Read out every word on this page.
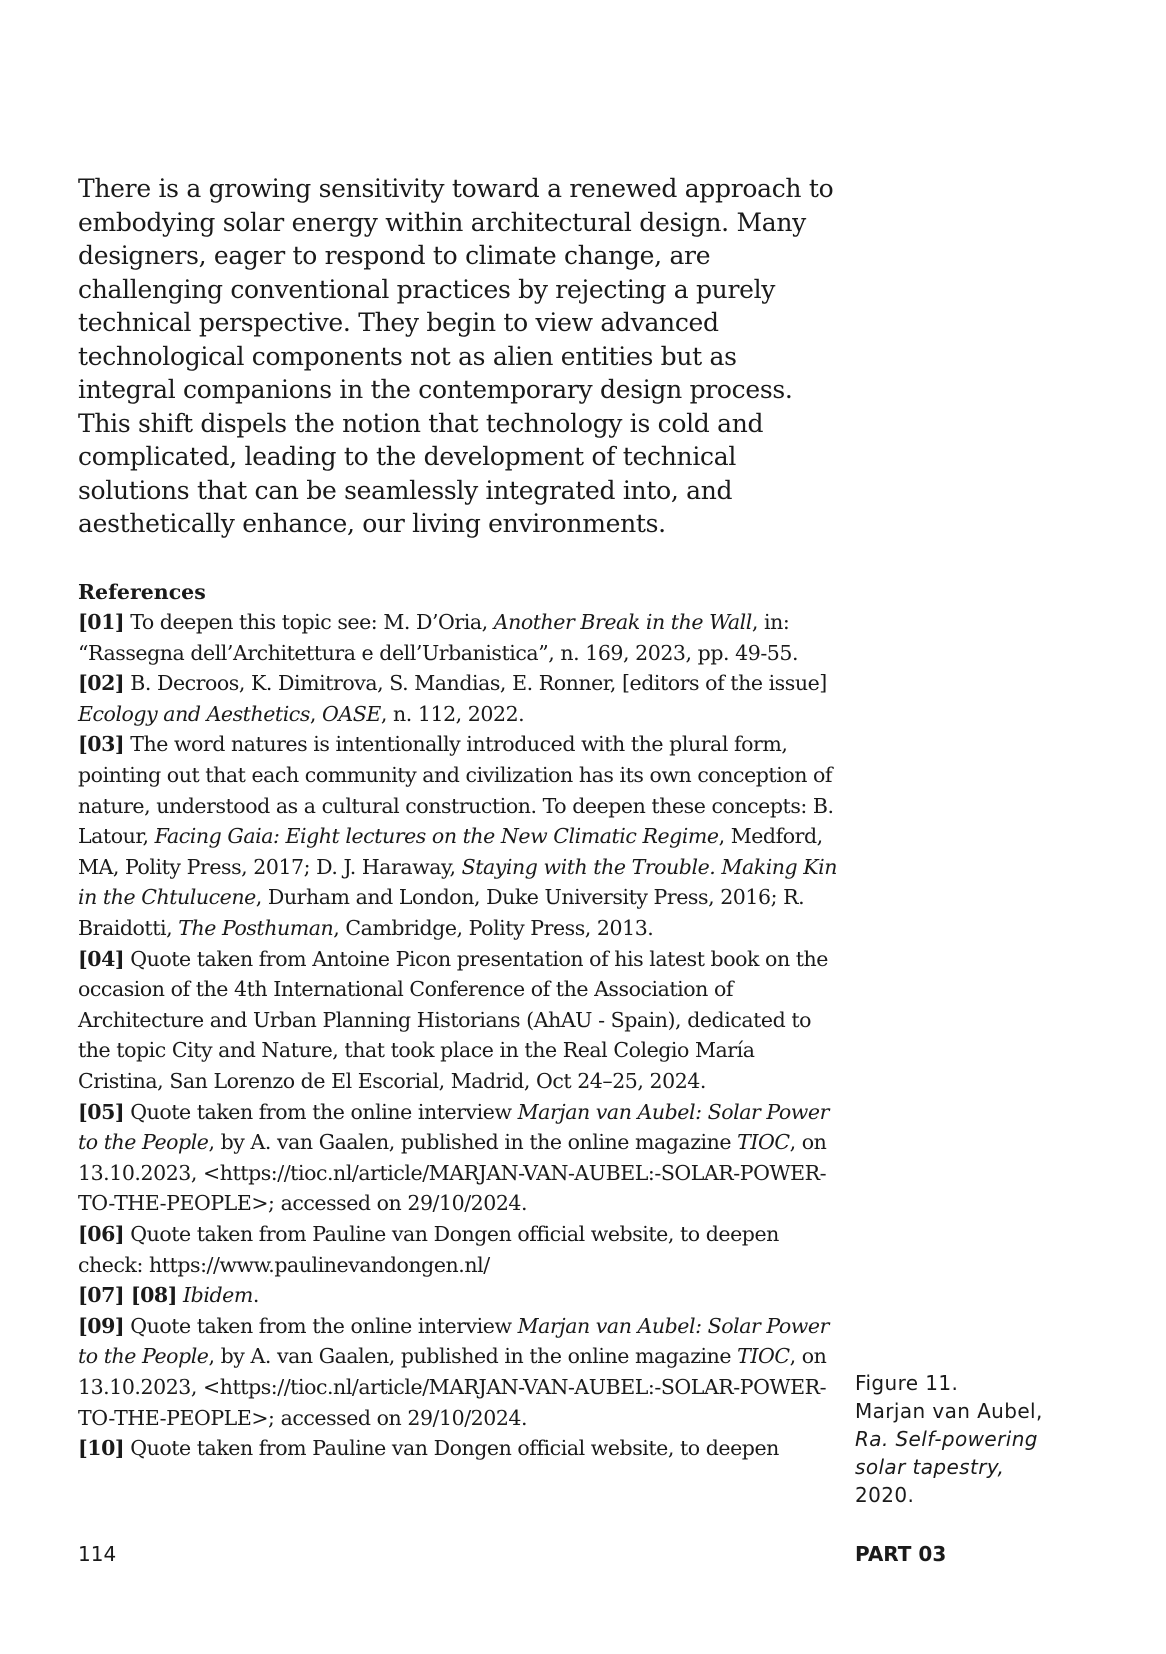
There is a growing sensitivity toward a renewed approach to embodying solar energy within architectural design. Many designers, eager to respond to climate change, are challenging conventional practices by rejecting a purely technical perspective. They begin to view advanced technological components not as alien entities but as integral companions in the contemporary design process. This shift dispels the notion that technology is cold and complicated, leading to the development of technical solutions that can be seamlessly integrated into, and aesthetically enhance, our living environments.

References
[01] To deepen this topic see: M. D’Oria, Another Break in the Wall, in: “Rassegna dell’Architettura e dell’Urbanistica”, n. 169, 2023, pp. 49-55.
[02] B. Decroos, K. Dimitrova, S. Mandias, E. Ronner, [editors of the issue] Ecology and Aesthetics, OASE, n. 112, 2022.
[03] The word natures is intentionally introduced with the plural form, pointing out that each community and civilization has its own conception of nature, understood as a cultural construction. To deepen these concepts: B. Latour, Facing Gaia: Eight lectures on the New Climatic Regime, Medford, MA, Polity Press, 2017; D. J. Haraway, Staying with the Trouble. Making Kin in the Chtulucene, Durham and London, Duke University Press, 2016; R. Braidotti, The Posthuman, Cambridge, Polity Press, 2013.
[04] Quote taken from Antoine Picon presentation of his latest book on the occasion of the 4th International Conference of the Association of Architecture and Urban Planning Historians (AhAU - Spain), dedicated to the topic City and Nature, that took place in the Real Colegio María Cristina, San Lorenzo de El Escorial, Madrid, Oct 24–25, 2024.
[05] Quote taken from the online interview Marjan van Aubel: Solar Power to the People, by A. van Gaalen, published in the online magazine TIOC, on 13.10.2023, <https://tioc.nl/article/MARJAN-VAN-AUBEL:-SOLAR-POWER-TO-THE-PEOPLE>; accessed on 29/10/2024.
[06] Quote taken from Pauline van Dongen official website, to deepen check: https://www.paulinevandongen.nl/
[07] [08] Ibidem.
[09] Quote taken from the online interview Marjan van Aubel: Solar Power to the People, by A. van Gaalen, published in the online magazine TIOC, on 13.10.2023, <https://tioc.nl/article/MARJAN-VAN-AUBEL:-SOLAR-POWER-TO-THE-PEOPLE>; accessed on 29/10/2024.
[10] Quote taken from Pauline van Dongen official website, to deepen
Figure 11.
Marjan van Aubel,
Ra. Self-powering
solar tapestry,
2020.
114	PART 03
